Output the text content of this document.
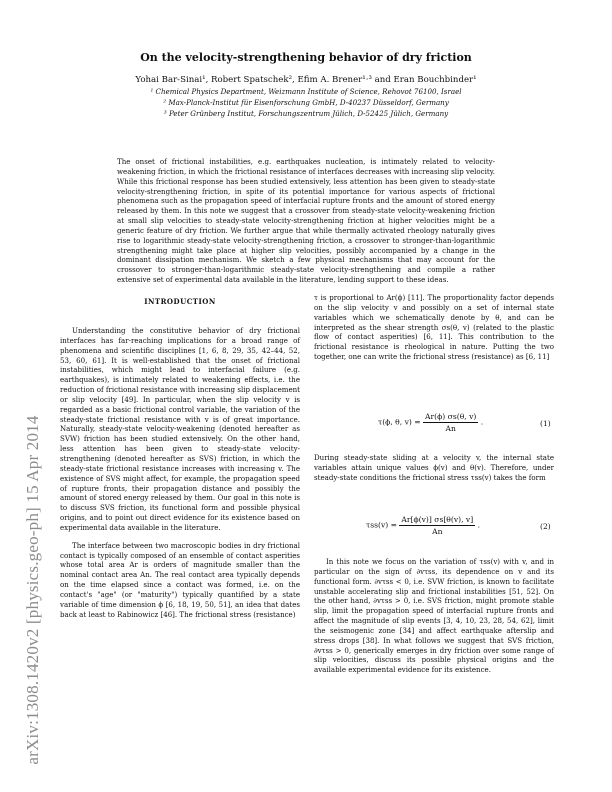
arXiv:1308.1420v2 [physics.geo-ph] 15 Apr 2014
On the velocity-strengthening behavior of dry friction
Yohai Bar-Sinai¹, Robert Spatschek², Efim A. Brener¹·³ and Eran Bouchbinder¹
¹ Chemical Physics Department, Weizmann Institute of Science, Rehovot 76100, Israel
² Max-Planck-Institut für Eisenforschung GmbH, D-40237 Düsseldorf, Germany
³ Peter Grünberg Institut, Forschungszentrum Jülich, D-52425 Jülich, Germany
The onset of frictional instabilities, e.g. earthquakes nucleation, is intimately related to velocity-weakening friction, in which the frictional resistance of interfaces decreases with increasing slip velocity. While this frictional response has been studied extensively, less attention has been given to steady-state velocity-strengthening friction, in spite of its potential importance for various aspects of frictional phenomena such as the propagation speed of interfacial rupture fronts and the amount of stored energy released by them. In this note we suggest that a crossover from steady-state velocity-weakening friction at small slip velocities to steady-state velocity-strengthening friction at higher velocities might be a generic feature of dry friction. We further argue that while thermally activated rheology naturally gives rise to logarithmic steady-state velocity-strengthening friction, a crossover to stronger-than-logarithmic strengthening might take place at higher slip velocities, possibly accompanied by a change in the dominant dissipation mechanism. We sketch a few physical mechanisms that may account for the crossover to stronger-than-logarithmic steady-state velocity-strengthening and compile a rather extensive set of experimental data available in the literature, lending support to these ideas.
INTRODUCTION

Understanding the constitutive behavior of dry frictional interfaces has far-reaching implications for a broad range of phenomena and scientific disciplines [1, 6, 8, 29, 35, 42–44, 52, 53, 60, 61]. It is well-established that the onset of frictional instabilities, which might lead to interfacial failure (e.g. earthquakes), is intimately related to weakening effects, i.e. the reduction of frictional resistance with increasing slip displacement or slip velocity [49]. In particular, when the slip velocity v is regarded as a basic frictional control variable, the variation of the steady-state frictional resistance with v is of great importance. Naturally, steady-state velocity-weakening (denoted hereafter as SVW) friction has been studied extensively. On the other hand, less attention has been given to steady-state velocity-strengthening (denoted hereafter as SVS) friction, in which the steady-state frictional resistance increases with increasing v. The existence of SVS might affect, for example, the propagation speed of rupture fronts, their propagation distance and possibly the amount of stored energy released by them. Our goal in this note is to discuss SVS friction, its functional form and possible physical origins, and to point out direct evidence for its existence based on experimental data available in the literature.

The interface between two macroscopic bodies in dry frictional contact is typically composed of an ensemble of contact asperities whose total area Ar is orders of magnitude smaller than the nominal contact area An. The real contact area typically depends on the time elapsed since a contact was formed, i.e. on the contact's "age" (or "maturity") typically quantified by a state variable of time dimension ϕ [6, 18, 19, 50, 51], an idea that dates back at least to Rabinowicz [46]. The frictional stress (resistance)

τ is proportional to Ar(ϕ) [11]. The proportionality factor depends on the slip velocity v and possibly on a set of internal state variables which we schematically denote by θ, and can be interpreted as the shear strength σs(θ, v) (related to the plastic flow of contact asperities) [6, 11]. This contribution to the frictional resistance is rheological in nature. Putting the two together, one can write the frictional stress (resistance) as [6, 11]

τ(ϕ, θ, $v) = \frac{Ar(\phi) \sigma s(\theta, v)}{An}$ .	(1)

During steady-state sliding at a velocity v, the internal state variables attain unique values ϕ(v) and θ(v). Therefore, under steady-state conditions the frictional stress τss(v) takes the form

$\tau ss(v) = \frac{Ar[\phi(v)] \sigma s[\theta(v), v]}{An}$ .	(2)

In this note we focus on the variation of τss(v) with v, and in particular on the sign of ∂vτss, its dependence on v and its functional form. ∂vτss < 0, i.e. SVW friction, is known to facilitate unstable accelerating slip and frictional instabilities [51, 52]. On the other hand, ∂vτss > 0, i.e. SVS friction, might promote stable slip, limit the propagation speed of interfacial rupture fronts and affect the magnitude of slip events [3, 4, 10, 23, 28, 54, 62], limit the seismogenic zone [34] and affect earthquake afterslip and stress drops [38]. In what follows we suggest that SVS friction, ∂vτss > 0, generically emerges in dry friction over some range of slip velocities, discuss its possible physical origins and the available experimental evidence for its existence.
